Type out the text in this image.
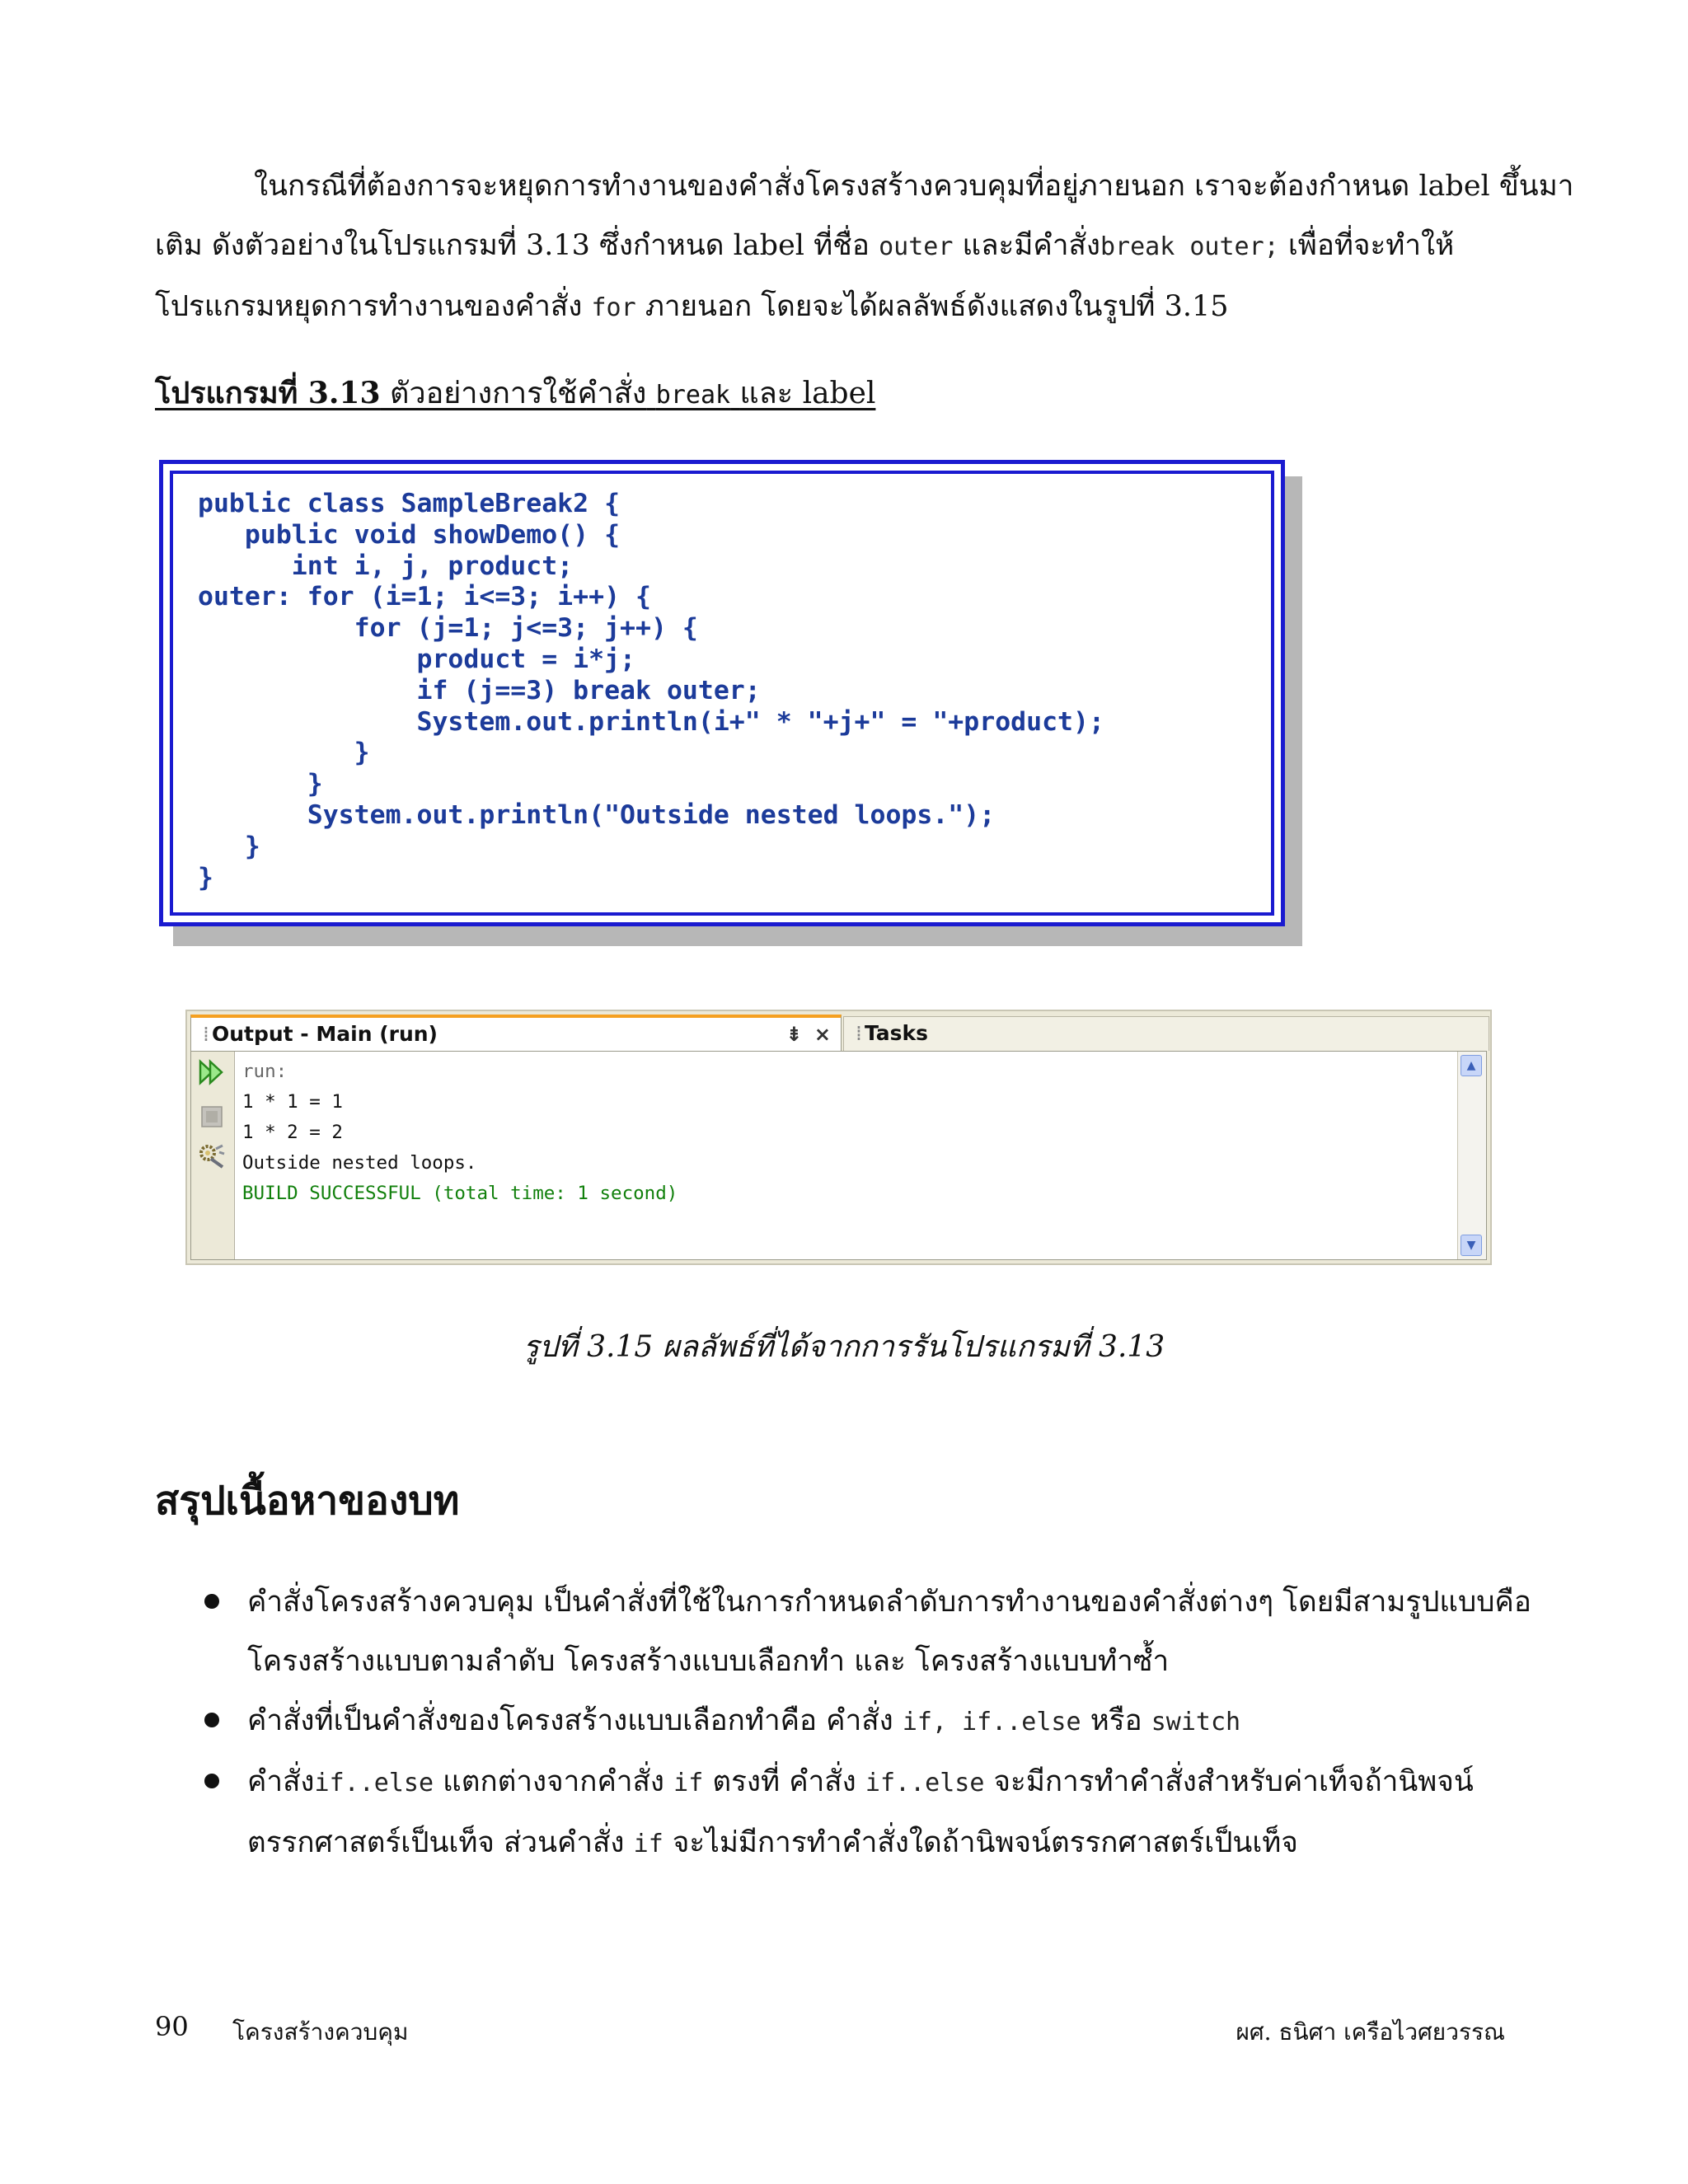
ในกรณีที่ต้องการจะหยุดการทำงานของคำสั่งโครงสร้างควบคุมที่อยู่ภายนอก เราจะต้องกำหนด label ขึ้นมา
เติม ดังตัวอย่างในโปรแกรมที่ 3.13 ซึ่งกำหนด label ที่ชื่อ outer และมีคำสั่งbreak outer; เพื่อที่จะทำให้
โปรแกรมหยุดการทำงานของคำสั่ง for ภายนอก โดยจะได้ผลลัพธ์ดังแสดงในรูปที่ 3.15

โปรแกรมที่ 3.13 ตัวอย่างการใช้คำสั่ง break และ label

public class SampleBreak2 {
public void showDemo() {
int i, j, product;
outer: for (i=1; i<=3; i++) {
for (j=1; j<=3; j++) {
product = i*j;
if (j==3) break outer;
System.out.println(i+" * "+j+" = "+product);
}
}
System.out.println("Outside nested loops.");
}
}
⁞ Output - Main (run)	⇟ ×	⁞ Tasks
run:
1 * 1 = 1
1 * 2 = 2
Outside nested loops.
BUILD SUCCESSFUL (total time: 1 second)
▲
▼

รูปที่ 3.15 ผลลัพธ์ที่ได้จากการรันโปรแกรมที่ 3.13

สรุปเนื้อหาของบท

คำสั่งโครงสร้างควบคุม เป็นคำสั่งที่ใช้ในการกำหนดลำดับการทำงานของคำสั่งต่างๆ โดยมีสามรูปแบบคือ
โครงสร้างแบบตามลำดับ โครงสร้างแบบเลือกทำ และ โครงสร้างแบบทำซ้ำ
คำสั่งที่เป็นคำสั่งของโครงสร้างแบบเลือกทำคือ คำสั่ง if, if..else หรือ switch
คำสั่งif..else แตกต่างจากคำสั่ง if ตรงที่ คำสั่ง if..else จะมีการทำคำสั่งสำหรับค่าเท็จถ้านิพจน์
ตรรกศาสตร์เป็นเท็จ ส่วนคำสั่ง if จะไม่มีการทำคำสั่งใดถ้านิพจน์ตรรกศาสตร์เป็นเท็จ

90 โครงสร้างควบคุม	ผศ. ธนิศา เครือไวศยวรรณ
